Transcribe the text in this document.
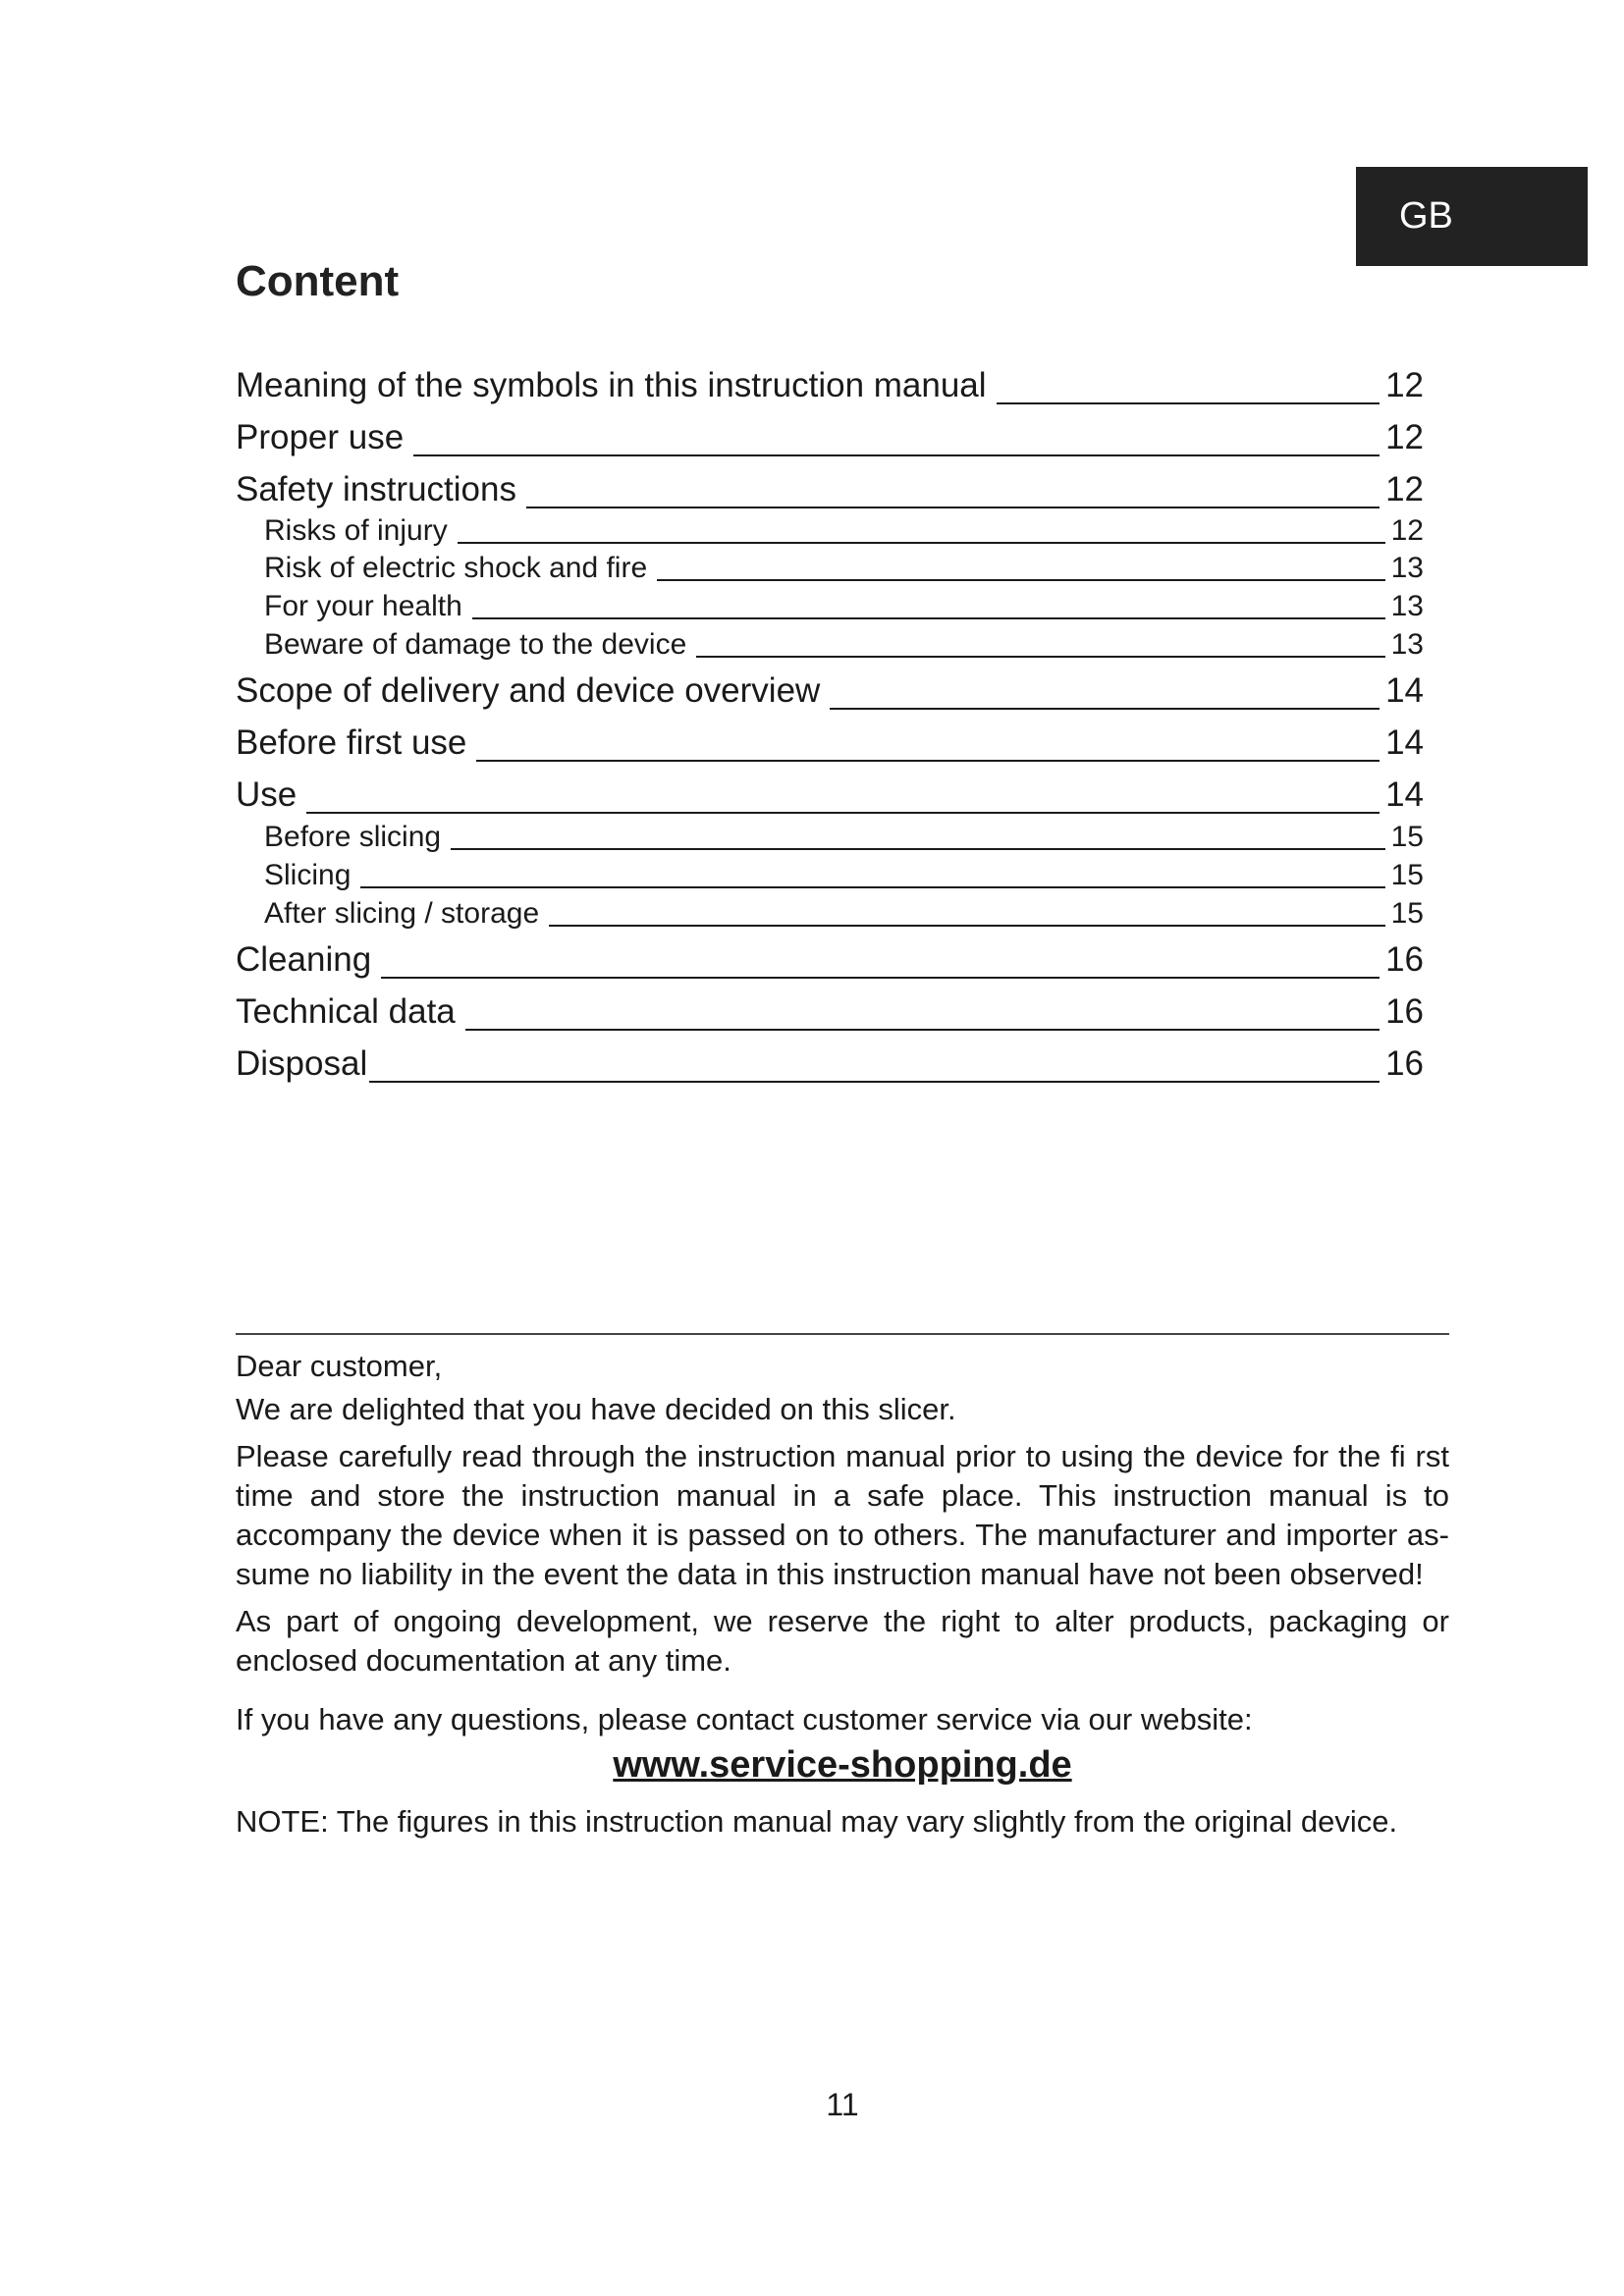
GB
Content
Meaning of the symbols in this instruction manual	12
Proper use	12
Safety instructions	12
Risks of injury	12
Risk of electric shock and fire	13
For your health	13
Beware of damage to the device	13
Scope of delivery and device overview	14
Before first use	14
Use	14
Before slicing	15
Slicing	15
After slicing / storage	15
Cleaning	16
Technical data	16
Disposal	16

Dear customer,

We are delighted that you have decided on this slicer.

Please carefully read through the instruction manual prior to using the device for the fi rst time and store the instruction manual in a safe place. This instruction manual is to accompany the device when it is passed on to others. The manufacturer and importer as-sume no liability in the event the data in this instruction manual have not been observed!

As part of ongoing development, we reserve the right to alter products, packaging or enclosed documentation at any time.

If you have any questions, please contact customer service via our website:

www.service-shopping.de

NOTE: The figures in this instruction manual may vary slightly from the original device.

11
